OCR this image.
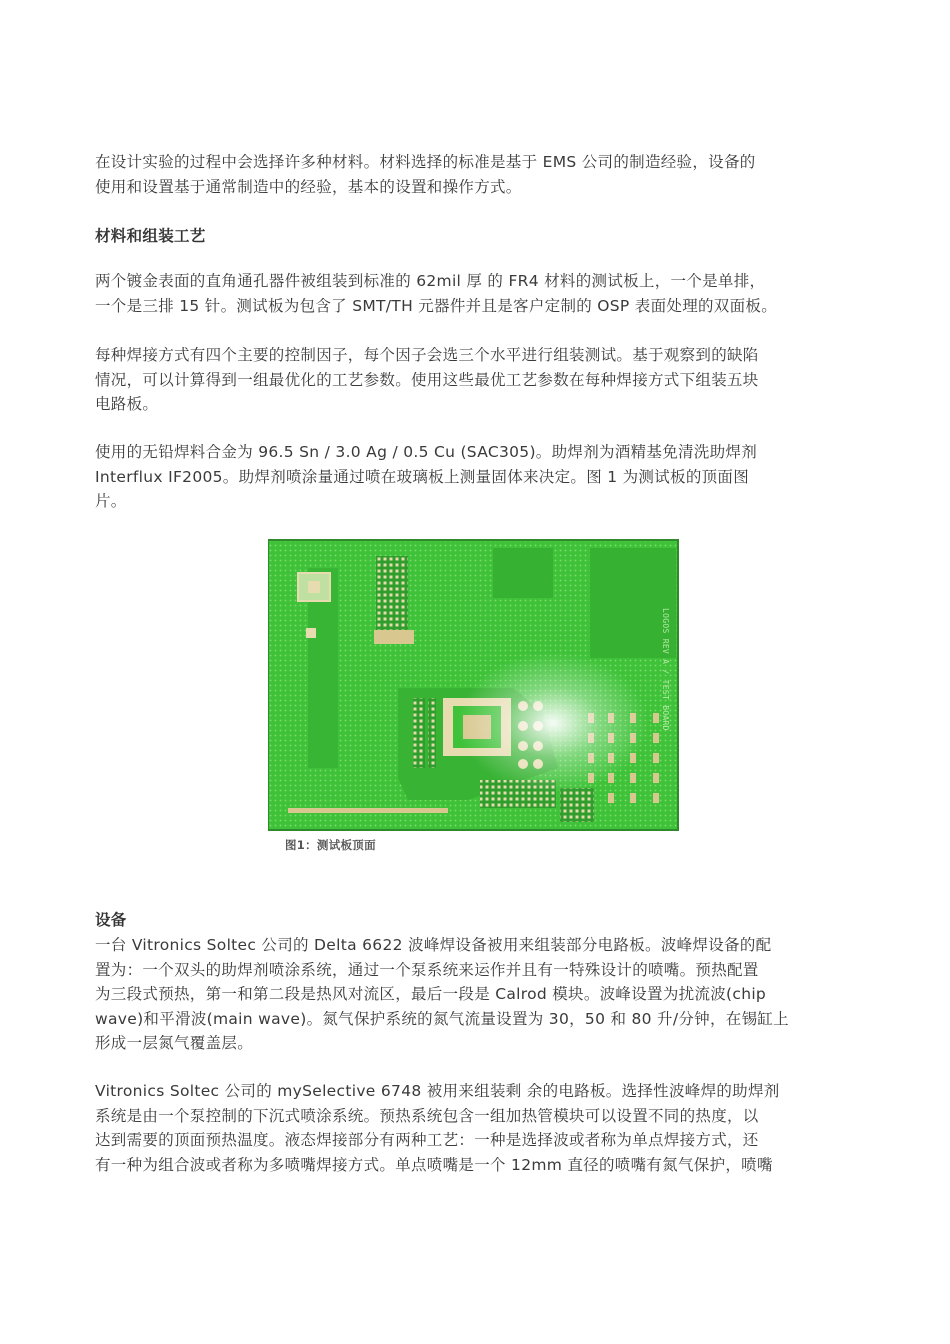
在设计实验的过程中会选择许多种材料。材料选择的标准是基于 EMS 公司的制造经验，设备的
使用和设置基于通常制造中的经验，基本的设置和操作方式。

材料和组装工艺

两个镀金表面的直角通孔器件被组装到标准的 62mil 厚 的 FR4 材料的测试板上，一个是单排，
一个是三排 15 针。测试板为包含了 SMT/TH 元器件并且是客户定制的 OSP 表面处理的双面板。

每种焊接方式有四个主要的控制因子，每个因子会选三个水平进行组装测试。基于观察到的缺陷
情况，可以计算得到一组最优化的工艺参数。使用这些最优工艺参数在每种焊接方式下组装五块
电路板。

使用的无铅焊料合金为 96.5 Sn / 3.0 Ag / 0.5 Cu (SAC305)。助焊剂为酒精基免清洗助焊剂
Interflux IF2005。助焊剂喷涂量通过喷在玻璃板上测量固体来决定。图 1 为测试板的顶面图
片。

LOGOS REV A / TEST BOARD
图1：测试板顶面

设备

一台 Vitronics Soltec 公司的 Delta 6622 波峰焊设备被用来组装部分电路板。波峰焊设备的配
置为：一个双头的助焊剂喷涂系统，通过一个泵系统来运作并且有一特殊设计的喷嘴。预热配置
为三段式预热，第一和第二段是热风对流区，最后一段是 Calrod 模块。波峰设置为扰流波(chip
wave)和平滑波(main wave)。氮气保护系统的氮气流量设置为 30，50 和 80 升/分钟，在锡缸上
形成一层氮气覆盖层。

Vitronics Soltec 公司的 mySelective 6748 被用来组装剩 余的电路板。选择性波峰焊的助焊剂
系统是由一个泵控制的下沉式喷涂系统。预热系统包含一组加热管模块可以设置不同的热度，以
达到需要的顶面预热温度。液态焊接部分有两种工艺：一种是选择波或者称为单点焊接方式，还
有一种为组合波或者称为多喷嘴焊接方式。单点喷嘴是一个 12mm 直径的喷嘴有氮气保护，喷嘴
